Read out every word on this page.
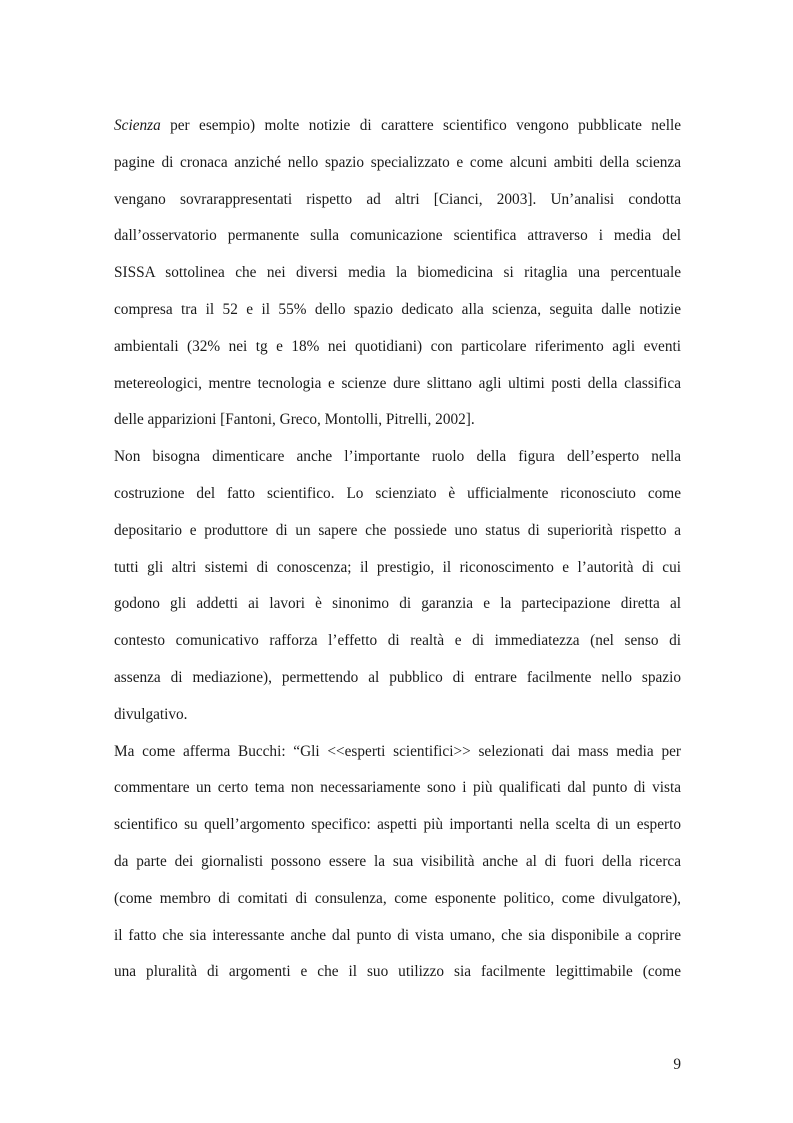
Scienza per esempio) molte notizie di carattere scientifico vengono pubblicate nelle
pagine di cronaca anziché nello spazio specializzato e come alcuni ambiti della scienza
vengano sovrarappresentati rispetto ad altri [Cianci, 2003]. Un’analisi condotta
dall’osservatorio permanente sulla comunicazione scientifica attraverso i media del
SISSA sottolinea che nei diversi media la biomedicina si ritaglia una percentuale
compresa tra il 52 e il 55% dello spazio dedicato alla scienza, seguita dalle notizie
ambientali (32% nei tg e 18% nei quotidiani) con particolare riferimento agli eventi
metereologici, mentre tecnologia e scienze dure slittano agli ultimi posti della classifica
delle apparizioni [Fantoni, Greco, Montolli, Pitrelli, 2002].
Non bisogna dimenticare anche l’importante ruolo della figura dell’esperto nella
costruzione del fatto scientifico. Lo scienziato è ufficialmente riconosciuto come
depositario e produttore di un sapere che possiede uno status di superiorità rispetto a
tutti gli altri sistemi di conoscenza; il prestigio, il riconoscimento e l’autorità di cui
godono gli addetti ai lavori è sinonimo di garanzia e la partecipazione diretta al
contesto comunicativo rafforza l’effetto di realtà e di immediatezza (nel senso di
assenza di mediazione), permettendo al pubblico di entrare facilmente nello spazio
divulgativo.
Ma come afferma Bucchi: “Gli <<esperti scientifici>> selezionati dai mass media per
commentare un certo tema non necessariamente sono i più qualificati dal punto di vista
scientifico su quell’argomento specifico: aspetti più importanti nella scelta di un esperto
da parte dei giornalisti possono essere la sua visibilità anche al di fuori della ricerca
(come membro di comitati di consulenza, come esponente politico, come divulgatore),
il fatto che sia interessante anche dal punto di vista umano, che sia disponibile a coprire
una pluralità di argomenti e che il suo utilizzo sia facilmente legittimabile (come
9
